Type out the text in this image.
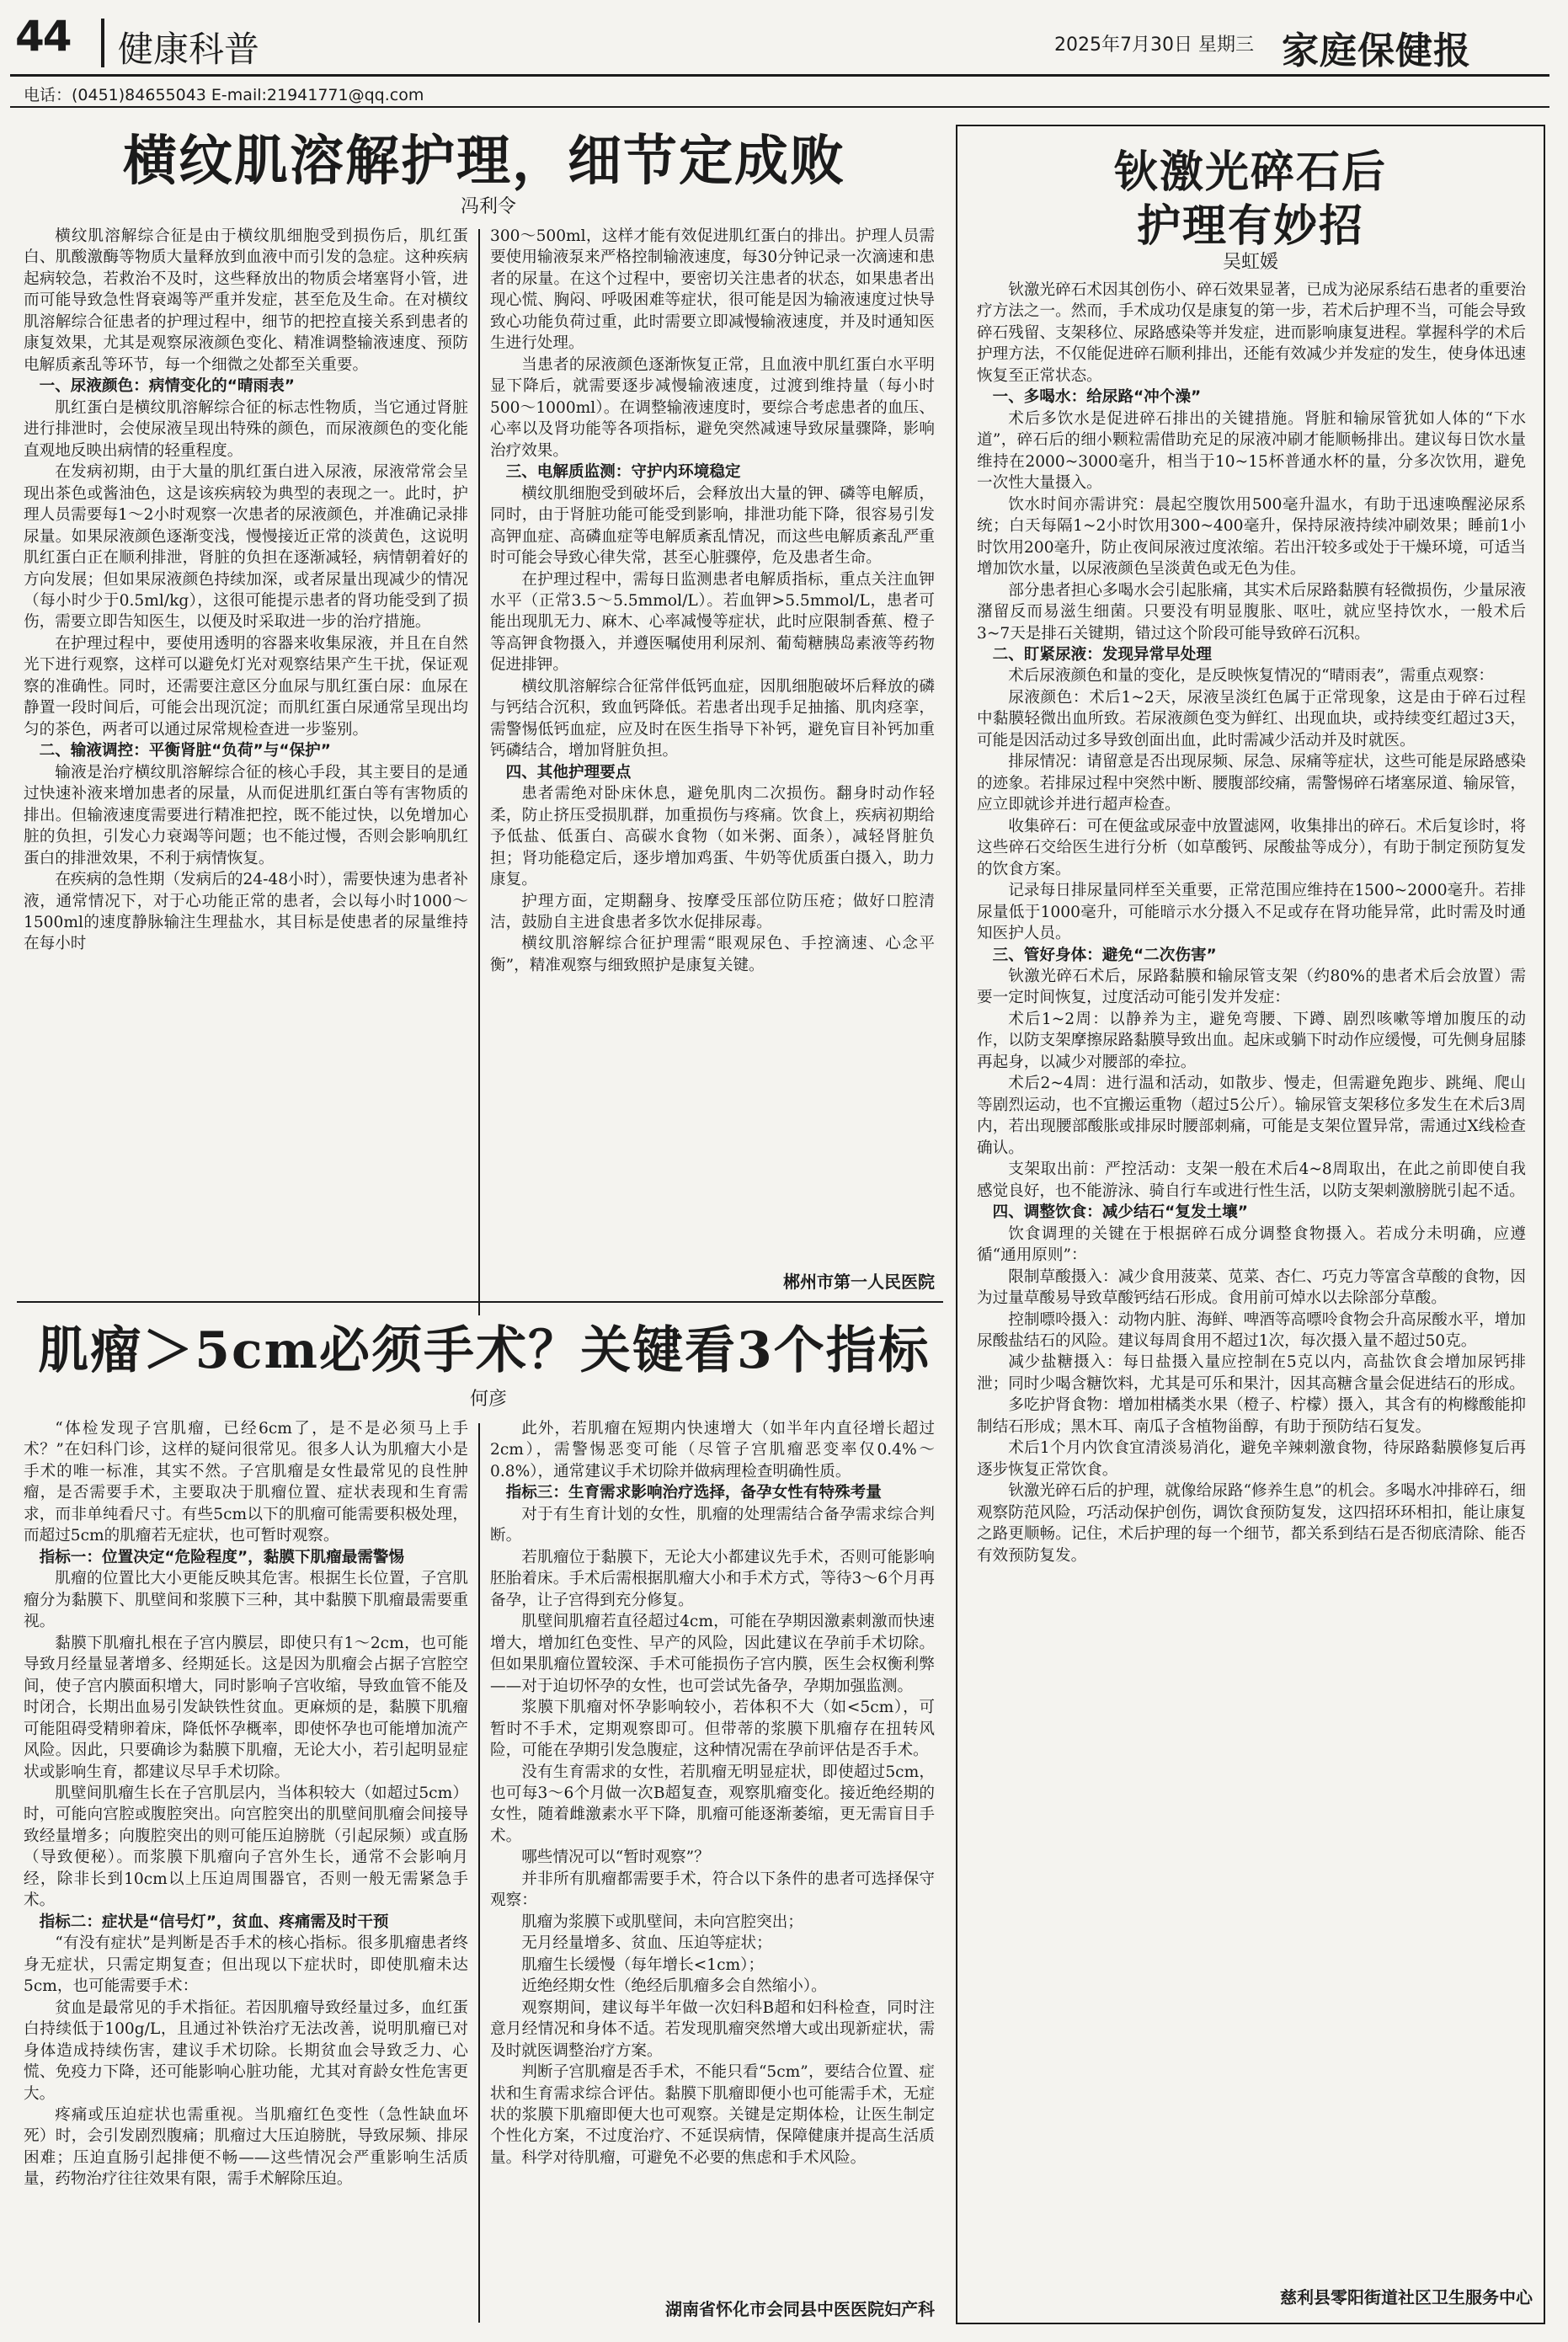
44 健康科普	2025年7月30日 星期三 家庭保健报
电话：(0451)84655043 E-mail:21941771@qq.com
横纹肌溶解护理，细节定成败
冯利令

横纹肌溶解综合征是由于横纹肌细胞受到损伤后，肌红蛋白、肌酸激酶等物质大量释放到血液中而引发的急症。这种疾病起病较急，若救治不及时，这些释放出的物质会堵塞肾小管，进而可能导致急性肾衰竭等严重并发症，甚至危及生命。在对横纹肌溶解综合征患者的护理过程中，细节的把控直接关系到患者的康复效果，尤其是观察尿液颜色变化、精准调整输液速度、预防电解质紊乱等环节，每一个细微之处都至关重要。

一、尿液颜色：病情变化的“晴雨表”

肌红蛋白是横纹肌溶解综合征的标志性物质，当它通过肾脏进行排泄时，会使尿液呈现出特殊的颜色，而尿液颜色的变化能直观地反映出病情的轻重程度。

在发病初期，由于大量的肌红蛋白进入尿液，尿液常常会呈现出茶色或酱油色，这是该疾病较为典型的表现之一。此时，护理人员需要每1～2小时观察一次患者的尿液颜色，并准确记录排尿量。如果尿液颜色逐渐变浅，慢慢接近正常的淡黄色，这说明肌红蛋白正在顺利排泄，肾脏的负担在逐渐减轻，病情朝着好的方向发展；但如果尿液颜色持续加深，或者尿量出现减少的情况（每小时少于0.5ml/kg），这很可能提示患者的肾功能受到了损伤，需要立即告知医生，以便及时采取进一步的治疗措施。

在护理过程中，要使用透明的容器来收集尿液，并且在自然光下进行观察，这样可以避免灯光对观察结果产生干扰，保证观察的准确性。同时，还需要注意区分血尿与肌红蛋白尿：血尿在静置一段时间后，可能会出现沉淀；而肌红蛋白尿通常呈现出均匀的茶色，两者可以通过尿常规检查进一步鉴别。

二、输液调控：平衡肾脏“负荷”与“保护”

输液是治疗横纹肌溶解综合征的核心手段，其主要目的是通过快速补液来增加患者的尿量，从而促进肌红蛋白等有害物质的排出。但输液速度需要进行精准把控，既不能过快，以免增加心脏的负担，引发心力衰竭等问题；也不能过慢，否则会影响肌红蛋白的排泄效果，不利于病情恢复。

在疾病的急性期（发病后的24-48小时），需要快速为患者补液，通常情况下，对于心功能正常的患者，会以每小时1000～1500ml的速度静脉输注生理盐水，其目标是使患者的尿量维持在每小时

300～500ml，这样才能有效促进肌红蛋白的排出。护理人员需要使用输液泵来严格控制输液速度，每30分钟记录一次滴速和患者的尿量。在这个过程中，要密切关注患者的状态，如果患者出现心慌、胸闷、呼吸困难等症状，很可能是因为输液速度过快导致心功能负荷过重，此时需要立即减慢输液速度，并及时通知医生进行处理。

当患者的尿液颜色逐渐恢复正常，且血液中肌红蛋白水平明显下降后，就需要逐步减慢输液速度，过渡到维持量（每小时500～1000ml）。在调整输液速度时，要综合考虑患者的血压、心率以及肾功能等各项指标，避免突然减速导致尿量骤降，影响治疗效果。

三、电解质监测：守护内环境稳定

横纹肌细胞受到破坏后，会释放出大量的钾、磷等电解质，同时，由于肾脏功能可能受到影响，排泄功能下降，很容易引发高钾血症、高磷血症等电解质紊乱情况，而这些电解质紊乱严重时可能会导致心律失常，甚至心脏骤停，危及患者生命。

在护理过程中，需每日监测患者电解质指标，重点关注血钾水平（正常3.5～5.5mmol/L）。若血钾>5.5mmol/L，患者可能出现肌无力、麻木、心率减慢等症状，此时应限制香蕉、橙子等高钾食物摄入，并遵医嘱使用利尿剂、葡萄糖胰岛素液等药物促进排钾。

横纹肌溶解综合征常伴低钙血症，因肌细胞破坏后释放的磷与钙结合沉积，致血钙降低。若患者出现手足抽搐、肌肉痉挛，需警惕低钙血症，应及时在医生指导下补钙，避免盲目补钙加重钙磷结合，增加肾脏负担。

四、其他护理要点

患者需绝对卧床休息，避免肌肉二次损伤。翻身时动作轻柔，防止挤压受损肌群，加重损伤与疼痛。饮食上，疾病初期给予低盐、低蛋白、高碳水食物（如米粥、面条），减轻肾脏负担；肾功能稳定后，逐步增加鸡蛋、牛奶等优质蛋白摄入，助力康复。

护理方面，定期翻身、按摩受压部位防压疮；做好口腔清洁，鼓励自主进食患者多饮水促排尿毒。

横纹肌溶解综合征护理需“眼观尿色、手控滴速、心念平衡”，精准观察与细致照护是康复关键。

郴州市第一人民医院
肌瘤＞5cm必须手术？关键看3个指标
何彦

“体检发现子宫肌瘤，已经6cm了，是不是必须马上手术？”在妇科门诊，这样的疑问很常见。很多人认为肌瘤大小是手术的唯一标准，其实不然。子宫肌瘤是女性最常见的良性肿瘤，是否需要手术，主要取决于肌瘤位置、症状表现和生育需求，而非单纯看尺寸。有些5cm以下的肌瘤可能需要积极处理，而超过5cm的肌瘤若无症状，也可暂时观察。

指标一：位置决定“危险程度”，黏膜下肌瘤最需警惕

肌瘤的位置比大小更能反映其危害。根据生长位置，子宫肌瘤分为黏膜下、肌壁间和浆膜下三种，其中黏膜下肌瘤最需要重视。

黏膜下肌瘤扎根在子宫内膜层，即使只有1～2cm，也可能导致月经量显著增多、经期延长。这是因为肌瘤会占据子宫腔空间，使子宫内膜面积增大，同时影响子宫收缩，导致血管不能及时闭合，长期出血易引发缺铁性贫血。更麻烦的是，黏膜下肌瘤可能阻碍受精卵着床，降低怀孕概率，即使怀孕也可能增加流产风险。因此，只要确诊为黏膜下肌瘤，无论大小，若引起明显症状或影响生育，都建议尽早手术切除。

肌壁间肌瘤生长在子宫肌层内，当体积较大（如超过5cm）时，可能向宫腔或腹腔突出。向宫腔突出的肌壁间肌瘤会间接导致经量增多；向腹腔突出的则可能压迫膀胱（引起尿频）或直肠（导致便秘）。而浆膜下肌瘤向子宫外生长，通常不会影响月经，除非长到10cm以上压迫周围器官，否则一般无需紧急手术。

指标二：症状是“信号灯”，贫血、疼痛需及时干预

“有没有症状”是判断是否手术的核心指标。很多肌瘤患者终身无症状，只需定期复查；但出现以下症状时，即使肌瘤未达5cm，也可能需要手术：

贫血是最常见的手术指征。若因肌瘤导致经量过多，血红蛋白持续低于100g/L，且通过补铁治疗无法改善，说明肌瘤已对身体造成持续伤害，建议手术切除。长期贫血会导致乏力、心慌、免疫力下降，还可能影响心脏功能，尤其对育龄女性危害更大。

疼痛或压迫症状也需重视。当肌瘤红色变性（急性缺血坏死）时，会引发剧烈腹痛；肌瘤过大压迫膀胱，导致尿频、排尿困难；压迫直肠引起排便不畅——这些情况会严重影响生活质量，药物治疗往往效果有限，需手术解除压迫。

此外，若肌瘤在短期内快速增大（如半年内直径增长超过2cm），需警惕恶变可能（尽管子宫肌瘤恶变率仅0.4%～0.8%），通常建议手术切除并做病理检查明确性质。

指标三：生育需求影响治疗选择，备孕女性有特殊考量

对于有生育计划的女性，肌瘤的处理需结合备孕需求综合判断。

若肌瘤位于黏膜下，无论大小都建议先手术，否则可能影响胚胎着床。手术后需根据肌瘤大小和手术方式，等待3～6个月再备孕，让子宫得到充分修复。

肌壁间肌瘤若直径超过4cm，可能在孕期因激素刺激而快速增大，增加红色变性、早产的风险，因此建议在孕前手术切除。但如果肌瘤位置较深、手术可能损伤子宫内膜，医生会权衡利弊——对于迫切怀孕的女性，也可尝试先备孕，孕期加强监测。

浆膜下肌瘤对怀孕影响较小，若体积不大（如<5cm），可暂时不手术，定期观察即可。但带蒂的浆膜下肌瘤存在扭转风险，可能在孕期引发急腹症，这种情况需在孕前评估是否手术。

没有生育需求的女性，若肌瘤无明显症状，即使超过5cm，也可每3～6个月做一次B超复查，观察肌瘤变化。接近绝经期的女性，随着雌激素水平下降，肌瘤可能逐渐萎缩，更无需盲目手术。

哪些情况可以“暂时观察”？

并非所有肌瘤都需要手术，符合以下条件的患者可选择保守观察：

肌瘤为浆膜下或肌壁间，未向宫腔突出；

无月经量增多、贫血、压迫等症状；

肌瘤生长缓慢（每年增长<1cm）；

近绝经期女性（绝经后肌瘤多会自然缩小）。

观察期间，建议每半年做一次妇科B超和妇科检查，同时注意月经情况和身体不适。若发现肌瘤突然增大或出现新症状，需及时就医调整治疗方案。

判断子宫肌瘤是否手术，不能只看“5cm”，要结合位置、症状和生育需求综合评估。黏膜下肌瘤即便小也可能需手术，无症状的浆膜下肌瘤即便大也可观察。关键是定期体检，让医生制定个性化方案，不过度治疗、不延误病情，保障健康并提高生活质量。科学对待肌瘤，可避免不必要的焦虑和手术风险。

湖南省怀化市会同县中医医院妇产科
钬激光碎石后
护理有妙招
吴虹媛

钬激光碎石术因其创伤小、碎石效果显著，已成为泌尿系结石患者的重要治疗方法之一。然而，手术成功仅是康复的第一步，若术后护理不当，可能会导致碎石残留、支架移位、尿路感染等并发症，进而影响康复进程。掌握科学的术后护理方法，不仅能促进碎石顺利排出，还能有效减少并发症的发生，使身体迅速恢复至正常状态。

一、多喝水：给尿路“冲个澡”

术后多饮水是促进碎石排出的关键措施。肾脏和输尿管犹如人体的“下水道”，碎石后的细小颗粒需借助充足的尿液冲刷才能顺畅排出。建议每日饮水量维持在2000~3000毫升，相当于10~15杯普通水杯的量，分多次饮用，避免一次性大量摄入。

饮水时间亦需讲究：晨起空腹饮用500毫升温水，有助于迅速唤醒泌尿系统；白天每隔1~2小时饮用300~400毫升，保持尿液持续冲刷效果；睡前1小时饮用200毫升，防止夜间尿液过度浓缩。若出汗较多或处于干燥环境，可适当增加饮水量，以尿液颜色呈淡黄色或无色为佳。

部分患者担心多喝水会引起胀痛，其实术后尿路黏膜有轻微损伤，少量尿液潴留反而易滋生细菌。只要没有明显腹胀、呕吐，就应坚持饮水，一般术后3~7天是排石关键期，错过这个阶段可能导致碎石沉积。

二、盯紧尿液：发现异常早处理

术后尿液颜色和量的变化，是反映恢复情况的“晴雨表”，需重点观察：

尿液颜色：术后1~2天，尿液呈淡红色属于正常现象，这是由于碎石过程中黏膜轻微出血所致。若尿液颜色变为鲜红、出现血块，或持续变红超过3天，可能是因活动过多导致创面出血，此时需减少活动并及时就医。

排尿情况：请留意是否出现尿频、尿急、尿痛等症状，这些可能是尿路感染的迹象。若排尿过程中突然中断、腰腹部绞痛，需警惕碎石堵塞尿道、输尿管，应立即就诊并进行超声检查。

收集碎石：可在便盆或尿壶中放置滤网，收集排出的碎石。术后复诊时，将这些碎石交给医生进行分析（如草酸钙、尿酸盐等成分），有助于制定预防复发的饮食方案。

记录每日排尿量同样至关重要，正常范围应维持在1500~2000毫升。若排尿量低于1000毫升，可能暗示水分摄入不足或存在肾功能异常，此时需及时通知医护人员。

三、管好身体：避免“二次伤害”

钬激光碎石术后，尿路黏膜和输尿管支架（约80%的患者术后会放置）需要一定时间恢复，过度活动可能引发并发症：

术后1~2周：以静养为主，避免弯腰、下蹲、剧烈咳嗽等增加腹压的动作，以防支架摩擦尿路黏膜导致出血。起床或躺下时动作应缓慢，可先侧身屈膝再起身，以减少对腰部的牵拉。

术后2~4周：进行温和活动，如散步、慢走，但需避免跑步、跳绳、爬山等剧烈运动，也不宜搬运重物（超过5公斤）。输尿管支架移位多发生在术后3周内，若出现腰部酸胀或排尿时腰部刺痛，可能是支架位置异常，需通过X线检查确认。

支架取出前：严控活动：支架一般在术后4~8周取出，在此之前即使自我感觉良好，也不能游泳、骑自行车或进行性生活，以防支架刺激膀胱引起不适。

四、调整饮食：减少结石“复发土壤”

饮食调理的关键在于根据碎石成分调整食物摄入。若成分未明确，应遵循“通用原则”：

限制草酸摄入：减少食用菠菜、苋菜、杏仁、巧克力等富含草酸的食物，因为过量草酸易导致草酸钙结石形成。食用前可焯水以去除部分草酸。

控制嘌呤摄入：动物内脏、海鲜、啤酒等高嘌呤食物会升高尿酸水平，增加尿酸盐结石的风险。建议每周食用不超过1次，每次摄入量不超过50克。

减少盐糖摄入：每日盐摄入量应控制在5克以内，高盐饮食会增加尿钙排泄；同时少喝含糖饮料，尤其是可乐和果汁，因其高糖含量会促进结石的形成。

多吃护肾食物：增加柑橘类水果（橙子、柠檬）摄入，其含有的枸橼酸能抑制结石形成；黑木耳、南瓜子含植物甾醇，有助于预防结石复发。

术后1个月内饮食宜清淡易消化，避免辛辣刺激食物，待尿路黏膜修复后再逐步恢复正常饮食。

钬激光碎石后的护理，就像给尿路“修养生息”的机会。多喝水冲排碎石，细观察防范风险，巧活动保护创伤，调饮食预防复发，这四招环环相扣，能让康复之路更顺畅。记住，术后护理的每一个细节，都关系到结石是否彻底清除、能否有效预防复发。

慈利县零阳街道社区卫生服务中心
